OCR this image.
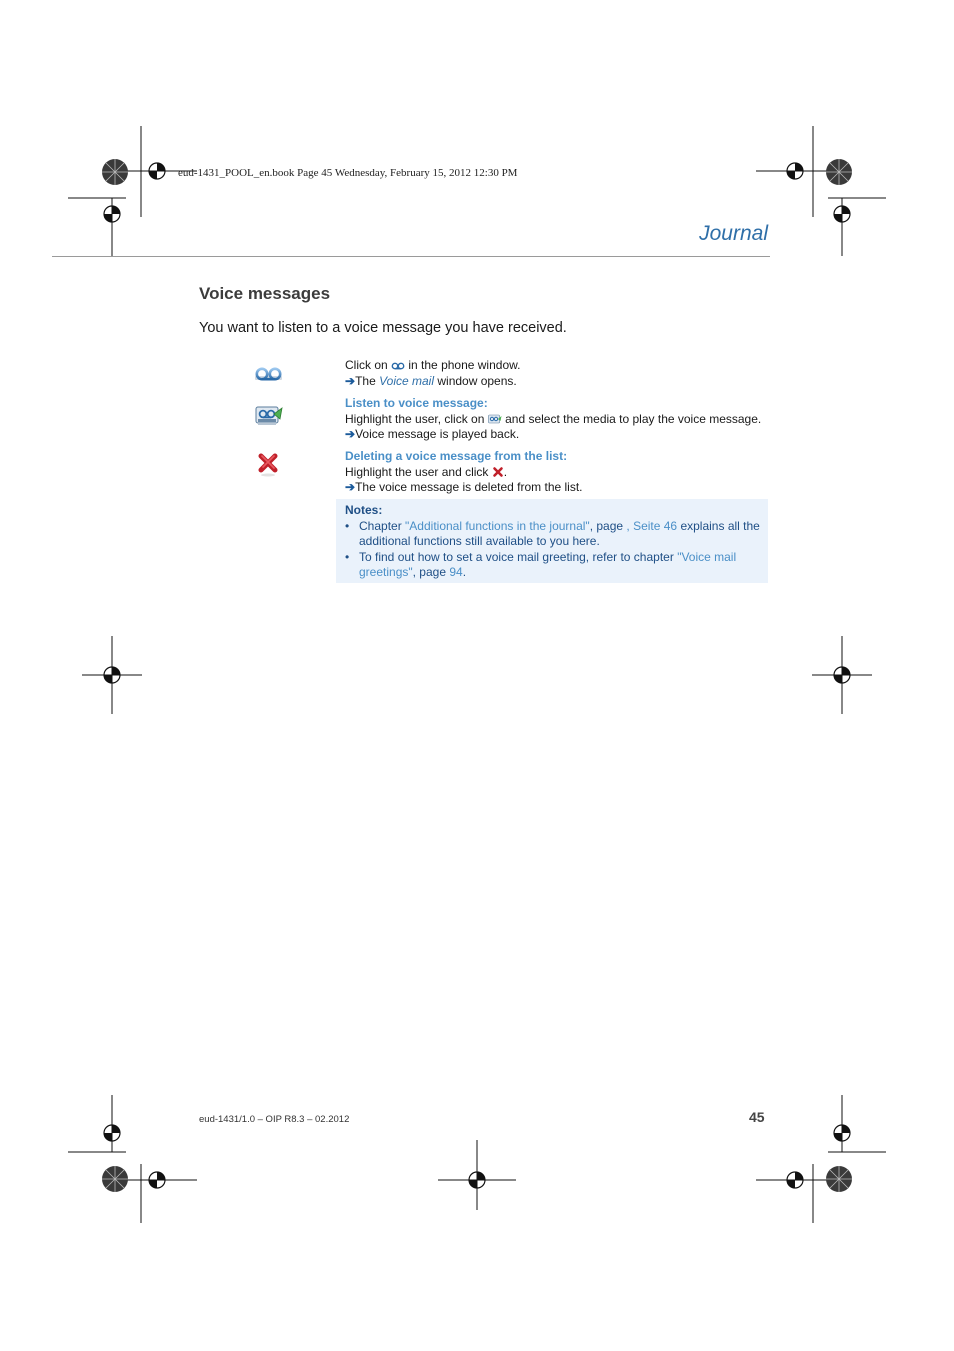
eud-1431_POOL_en.book Page 45 Wednesday, February 15, 2012 12:30 PM
Journal
Voice messages
You want to listen to a voice message you have received.
Click on in the phone window.
➔The Voice mail window opens.
Listen to voice message:
Highlight the user, click on and select the media to play the voice message.
➔Voice message is played back.
Deleting a voice message from the list:
Highlight the user and click .
➔The voice message is deleted from the list.
Notes:
• Chapter "Additional functions in the journal", page , Seite 46 explains all the
additional functions still available to you here.
• To find out how to set a voice mail greeting, refer to chapter "Voice mail
greetings", page 94.
eud-1431/1.0 – OIP R8.3 – 02.2012	45
